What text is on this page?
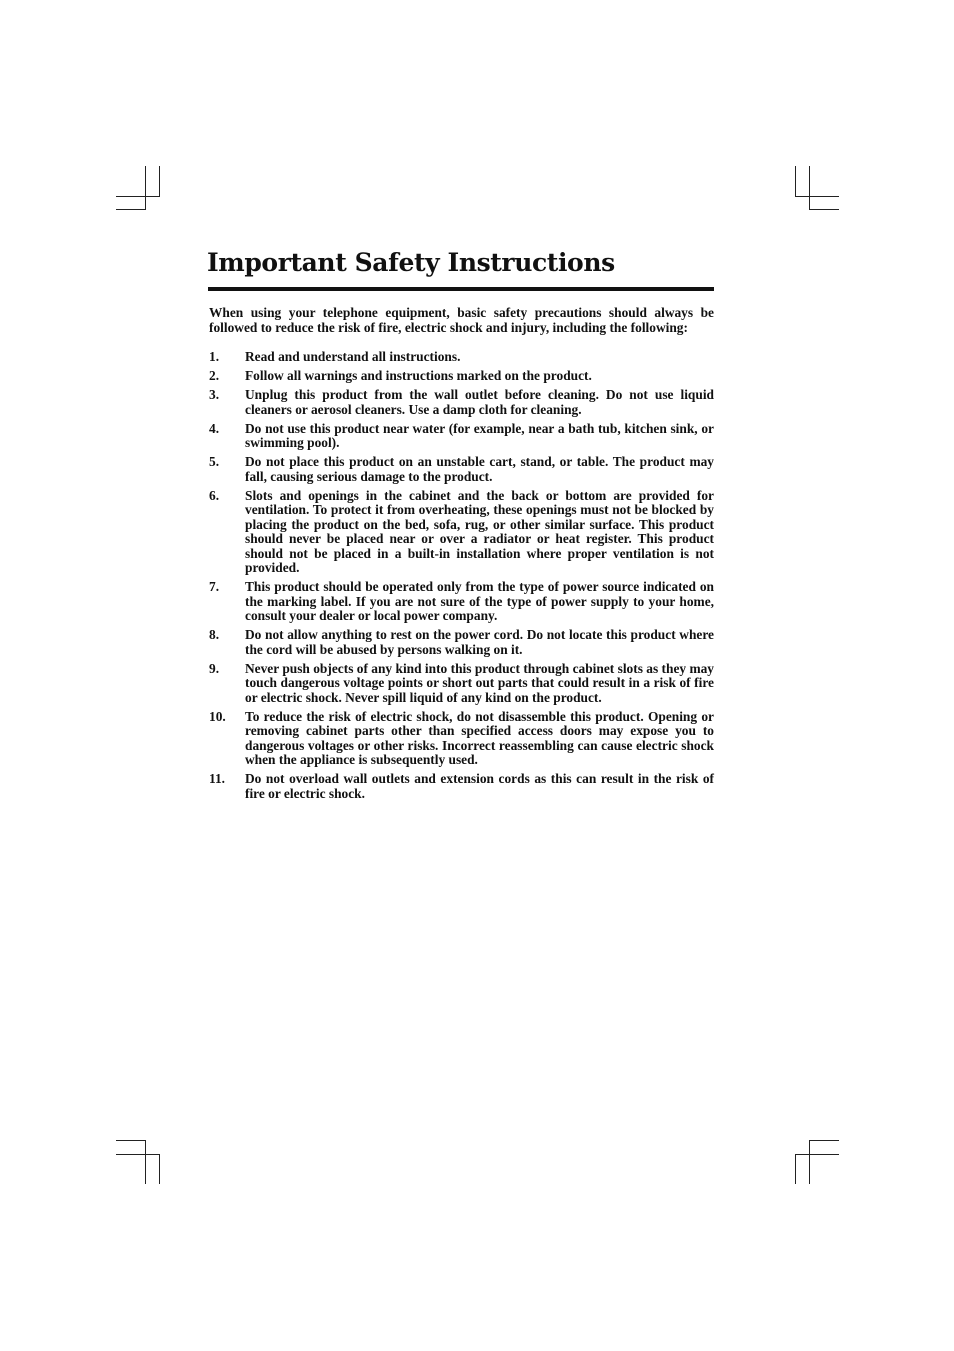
Important Safety Instructions

When using your telephone equipment, basic safety precautions should always be followed to reduce the risk of fire, electric shock and injury, including the following:

1.	Read and understand all instructions.
2.	Follow all warnings and instructions marked on the product.
3.	Unplug this product from the wall outlet before cleaning. Do not use liquid cleaners or aerosol cleaners. Use a damp cloth for cleaning.
4.	Do not use this product near water (for example, near a bath tub, kitchen sink, or swimming pool).
5.	Do not place this product on an unstable cart, stand, or table. The product may fall, causing serious damage to the product.
6.	Slots and openings in the cabinet and the back or bottom are provided for ventilation. To protect it from overheating, these openings must not be blocked by placing the product on the bed, sofa, rug, or other similar surface. This product should never be placed near or over a radiator or heat register. This product should not be placed in a built-in installation where proper ventilation is not provided.
7.	This product should be operated only from the type of power source indicated on the marking label. If you are not sure of the type of power supply to your home, consult your dealer or local power company.
8.	Do not allow anything to rest on the power cord. Do not locate this product where the cord will be abused by persons walking on it.
9.	Never push objects of any kind into this product through cabinet slots as they may touch dangerous voltage points or short out parts that could result in a risk of fire or electric shock. Never spill liquid of any kind on the product.
10.	To reduce the risk of electric shock, do not disassemble this product. Opening or removing cabinet parts other than specified access doors may expose you to dangerous voltages or other risks. Incorrect reassembling can cause electric shock when the appliance is subsequently used.
11.	Do not overload wall outlets and extension cords as this can result in the risk of fire or electric shock.
